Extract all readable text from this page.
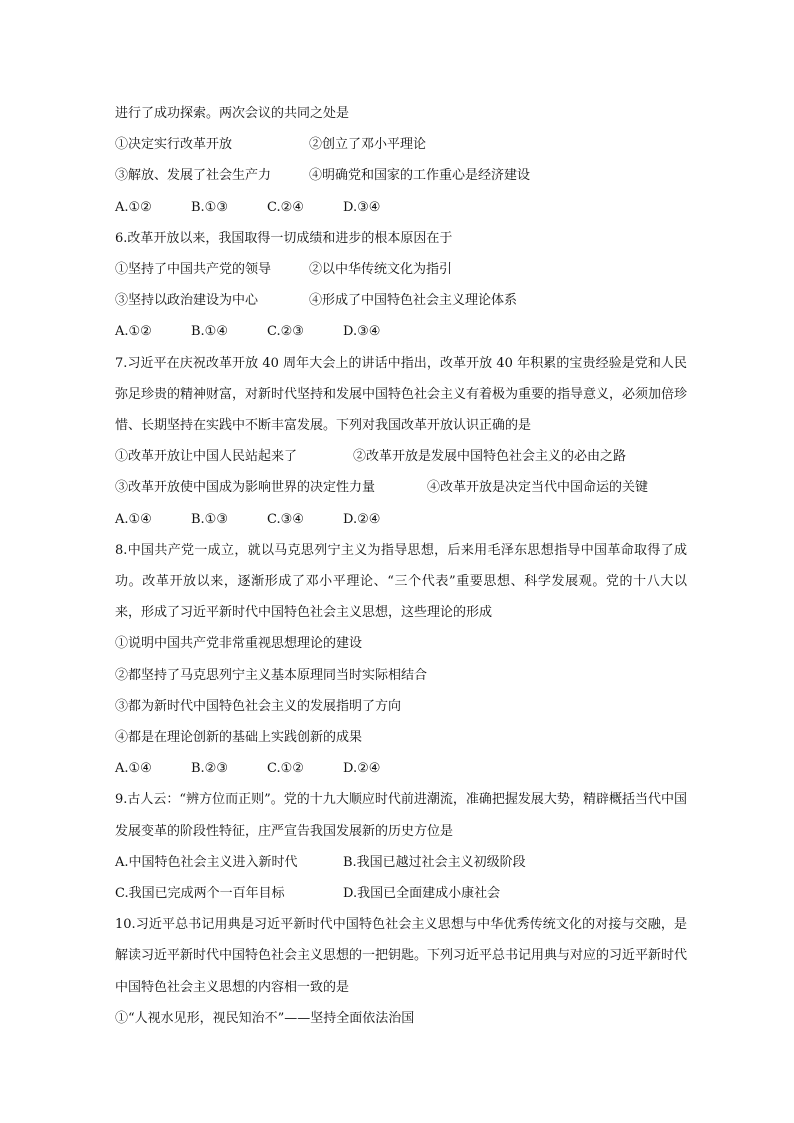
进行了成功探索。两次会议的共同之处是
①决定实行改革开放	②创立了邓小平理论
③解放、发展了社会生产力	④明确党和国家的工作重心是经济建设
A.①②	B.①③	C.②④	D.③④
6.改革开放以来，我国取得一切成绩和进步的根本原因在于
①坚持了中国共产党的领导	②以中华传统文化为指引
③坚持以政治建设为中心	④形成了中国特色社会主义理论体系
A.①②	B.①④	C.②③	D.③④
7.习近平在庆祝改革开放 40 周年大会上的讲话中指出，改革开放 40 年积累的宝贵经验是党和人民弥足珍贵的精神财富，对新时代坚持和发展中国特色社会主义有着极为重要的指导意义，必须加倍珍惜、长期坚持在实践中不断丰富发展。下列对我国改革开放认识正确的是
①改革开放让中国人民站起来了	②改革开放是发展中国特色社会主义的必由之路
③改革开放使中国成为影响世界的决定性力量	④改革开放是决定当代中国命运的关键
A.①④	B.①③	C.③④	D.②④
8.中国共产党一成立，就以马克思列宁主义为指导思想，后来用毛泽东思想指导中国革命取得了成功。改革开放以来，逐渐形成了邓小平理论、“三个代表”重要思想、科学发展观。党的十八大以来，形成了习近平新时代中国特色社会主义思想，这些理论的形成
①说明中国共产党非常重视思想理论的建设
②都坚持了马克思列宁主义基本原理同当时实际相结合
③都为新时代中国特色社会主义的发展指明了方向
④都是在理论创新的基础上实践创新的成果
A.①④	B.②③	C.①②	D.②④
9.古人云：“辨方位而正则”。党的十九大顺应时代前进潮流，准确把握发展大势，精辟概括当代中国发展变革的阶段性特征，庄严宣告我国发展新的历史方位是
A.中国特色社会主义进入新时代	B.我国已越过社会主义初级阶段
C.我国已完成两个一百年目标	D.我国已全面建成小康社会
10.习近平总书记用典是习近平新时代中国特色社会主义思想与中华优秀传统文化的对接与交融，是解读习近平新时代中国特色社会主义思想的一把钥匙。下列习近平总书记用典与对应的习近平新时代中国特色社会主义思想的内容相一致的是
①“人视水见形，视民知治不”——坚持全面依法治国
